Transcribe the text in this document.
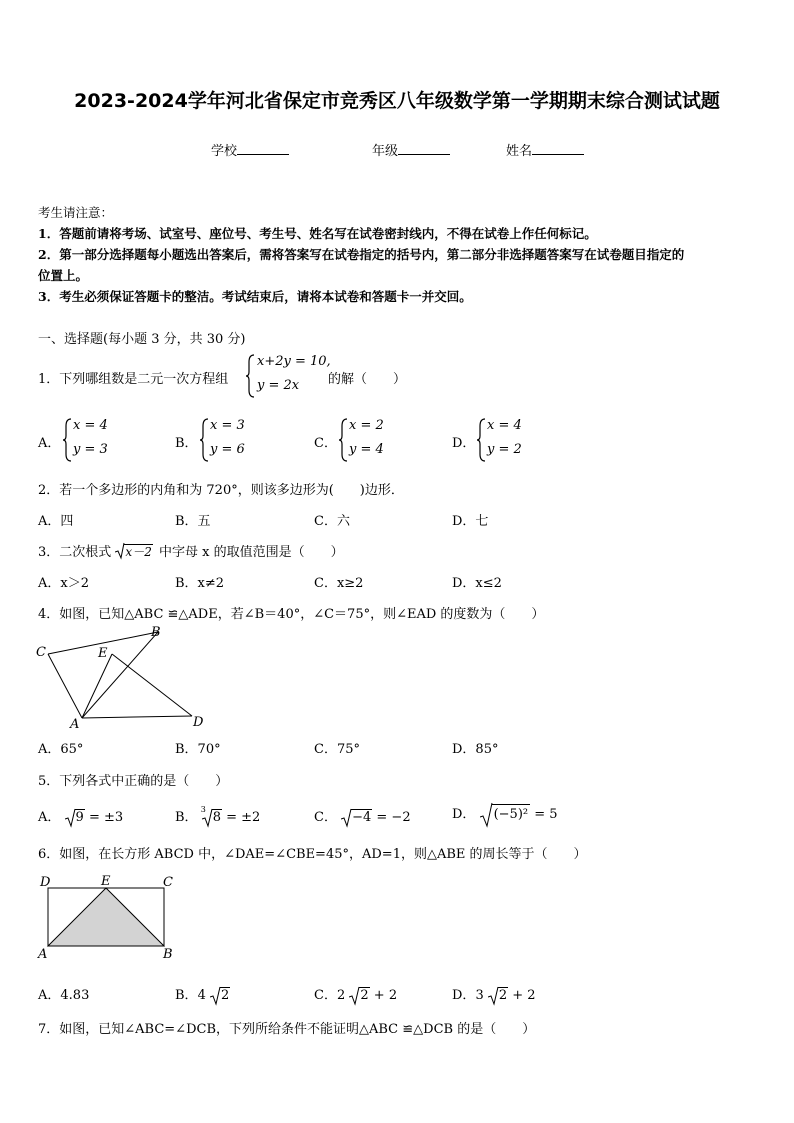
2023-2024学年河北省保定市竞秀区八年级数学第一学期期末综合测试试题
学校	年级	姓名
考生请注意：
1．答题前请将考场、试室号、座位号、考生号、姓名写在试卷密封线内，不得在试卷上作任何标记。
2．第一部分选择题每小题选出答案后，需将答案写在试卷指定的括号内，第二部分非选择题答案写在试卷题目指定的
位置上。
3．考生必须保证答题卡的整洁。考试结束后，请将本试卷和答题卡一并交回。
一、选择题(每小题 3 分，共 30 分)
1．下列哪组数是二元一次方程组
x+2y = 10,
y = 2x 的解（　　）
A．
x = 4
y = 3	B．
x = 3
y = 6	C．
x = 2
y = 4	D．
x = 4
y = 2
2．若一个多边形的内角和为 720°，则该多边形为(　　)边形．
A．四	B．五	C．六	D．七
3．二次根式 x－2 中字母 x 的取值范围是（　　）
A．x＞2	B．x≠2	C．x≥2	D．x≤2
4．如图，已知△ABC ≌△ADE，若∠B＝40°，∠C＝75°，则∠EAD 的度数为（　　）
C
B
E
A	D
A．65°	B．70°	C．75°	D．85°
5．下列各式中正确的是（　　）
A． 9 = ±3	B．
3
8 = ±2	C． −4 = −2	D． (−5)² = 5
6．如图，在长方形 ABCD 中，∠DAE=∠CBE=45°，AD=1，则△ABE 的周长等于（　　）
D	E	C
A	B
A．4.83	B．4 2	C．2 2 + 2	D．3 2 + 2
7．如图，已知∠ABC=∠DCB，下列所给条件不能证明△ABC ≌△DCB 的是（　　）
